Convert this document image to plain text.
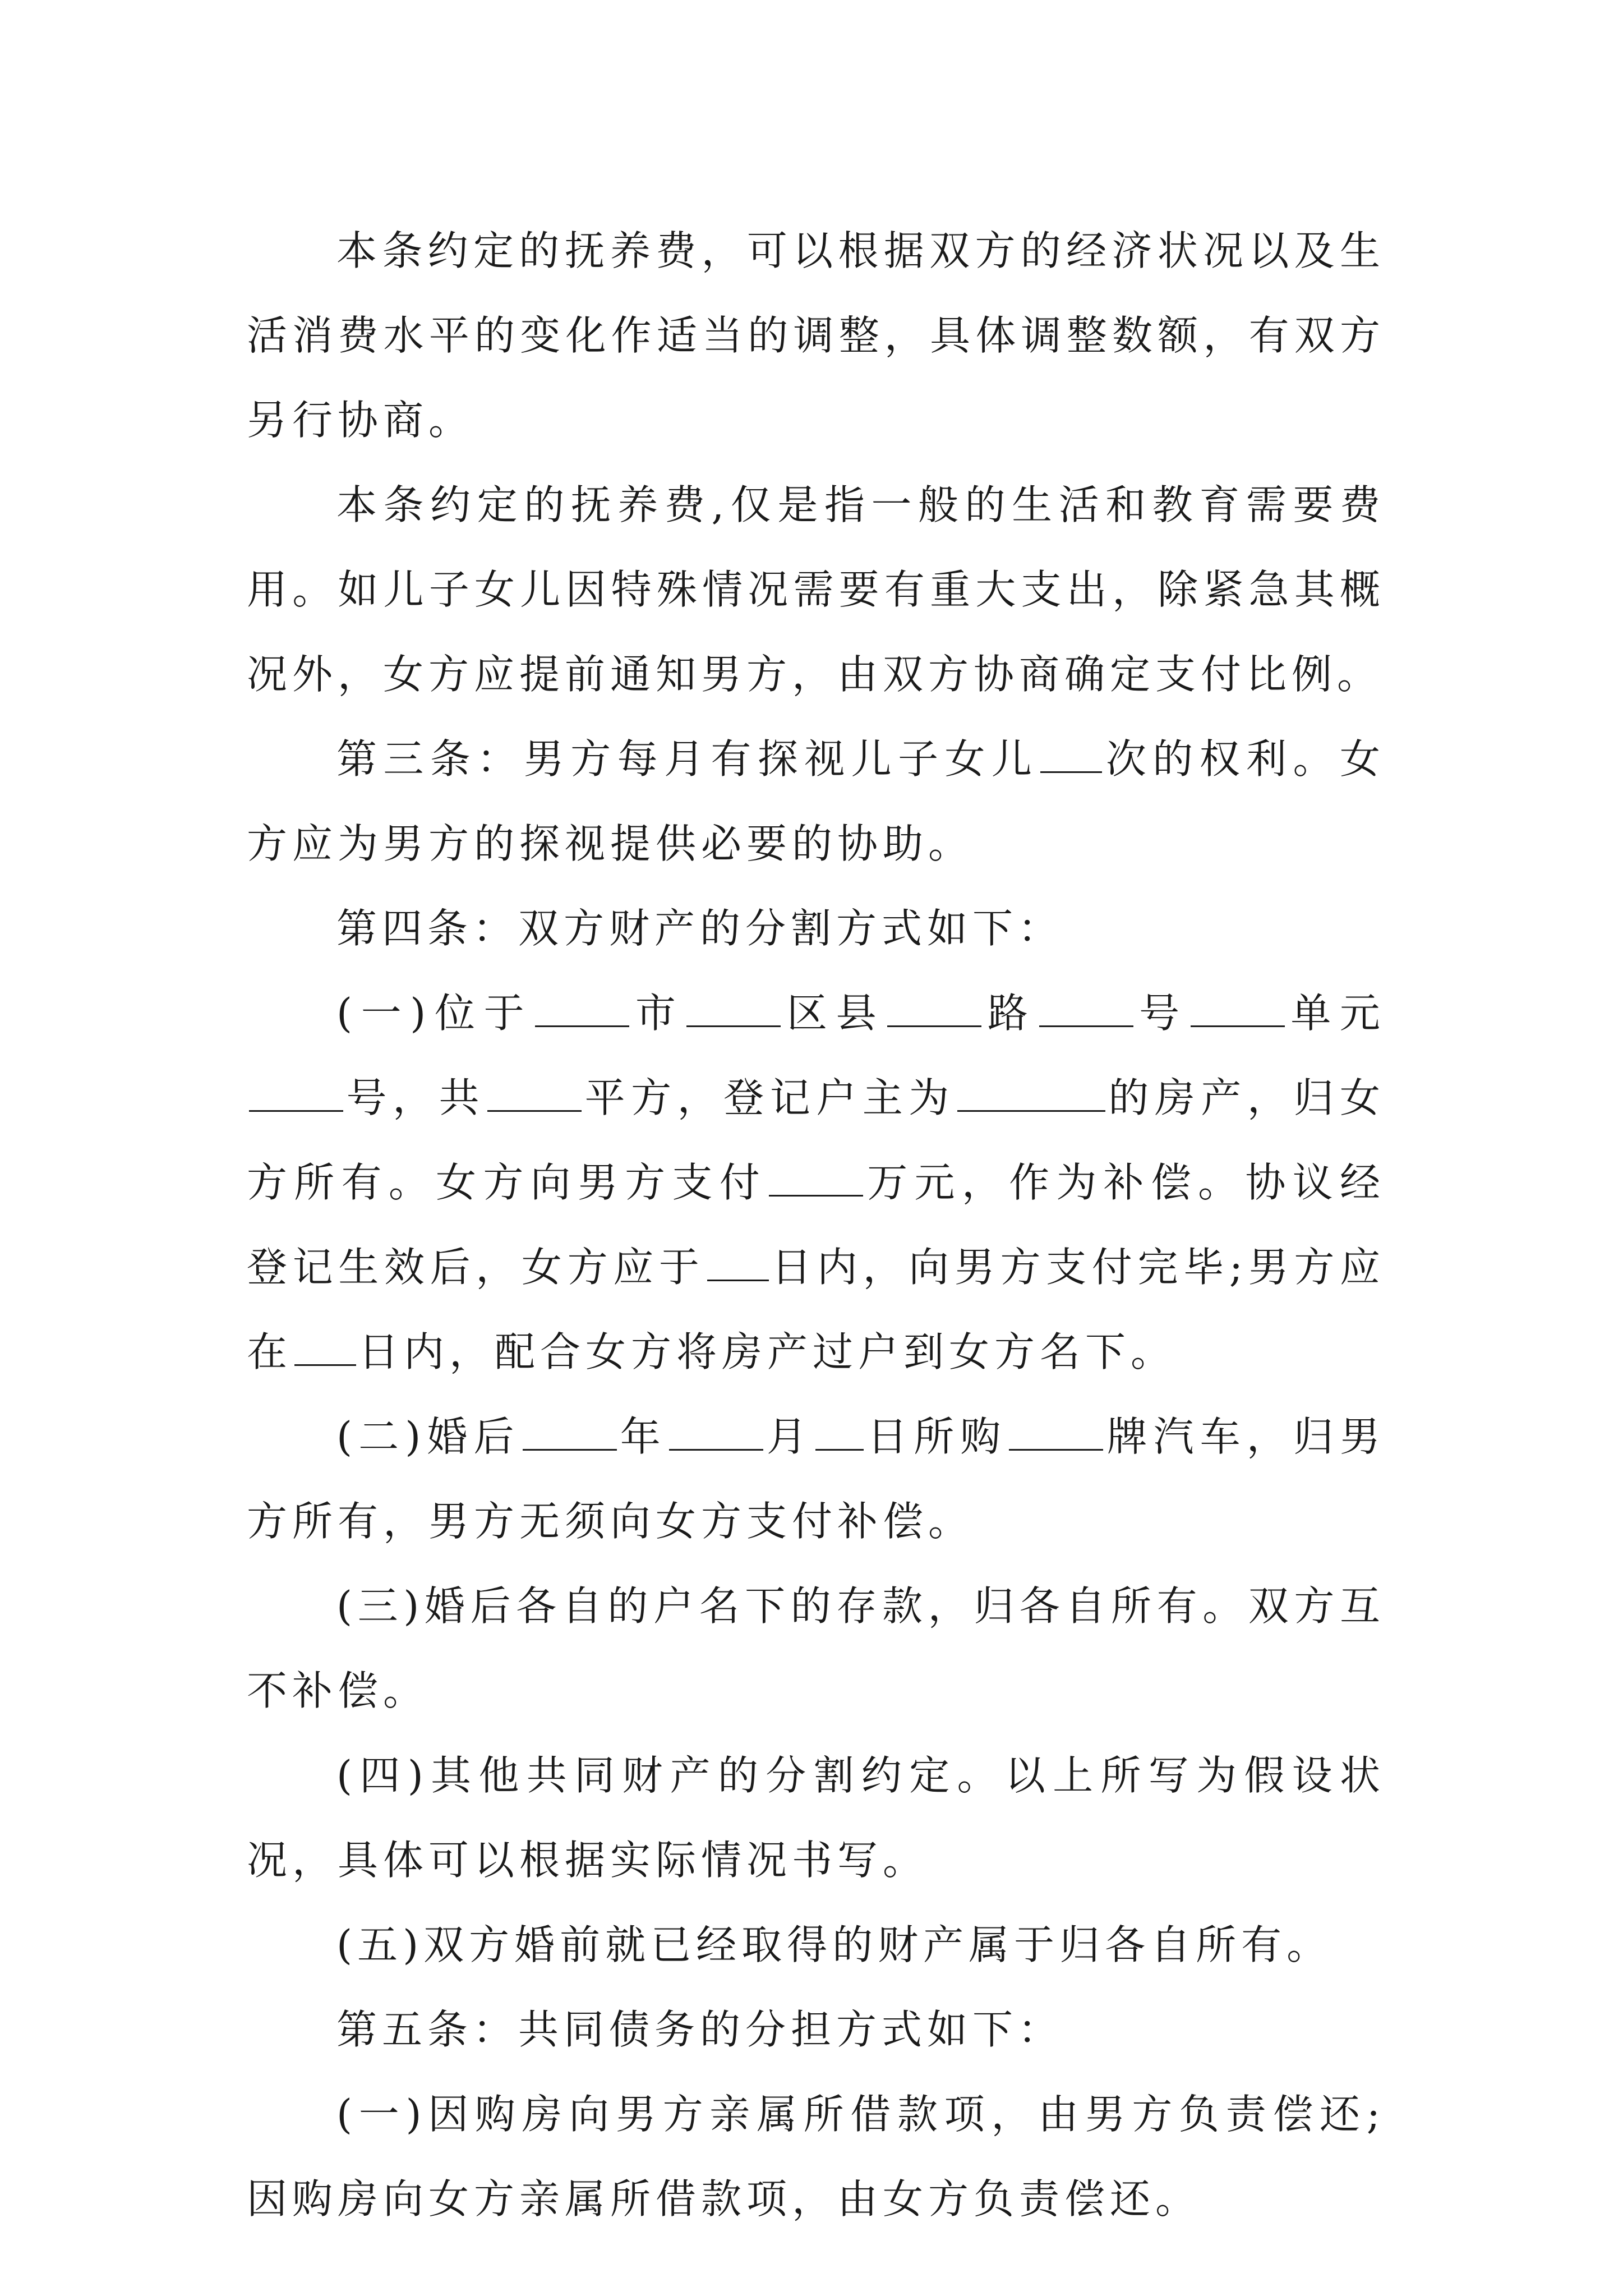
本条约定的抚养费，可以根据双方的经济状况以及生活消费水平的变化作适当的调整，具体调整数额，有双方另行协商。

本条约定的抚养费,仅是指一般的生活和教育需要费用。如儿子女儿因特殊情况需要有重大支出，除紧急其概况外，女方应提前通知男方，由双方协商确定支付比例。

第三条：男方每月有探视儿子女儿 次的权利。女方应为男方的探视提供必要的协助。

第四条：双方财产的分割方式如下：

(一)位于 市 区县 路 号 单元号，共 平方，登记户主为	的房产，归女方所有。女方向男方支付 万元，作为补偿。协议经登记生效后，女方应于 日内，向男方支付完毕;男方应在 日内，配合女方将房产过户到女方名下。

(二)婚后 年 月 日所购 牌汽车，归男方所有，男方无须向女方支付补偿。

(三)婚后各自的户名下的存款，归各自所有。双方互不补偿。

(四)其他共同财产的分割约定。以上所写为假设状况，具体可以根据实际情况书写。

(五)双方婚前就已经取得的财产属于归各自所有。

第五条：共同债务的分担方式如下：

(一)因购房向男方亲属所借款项，由男方负责偿还;因购房向女方亲属所借款项，由女方负责偿还。
